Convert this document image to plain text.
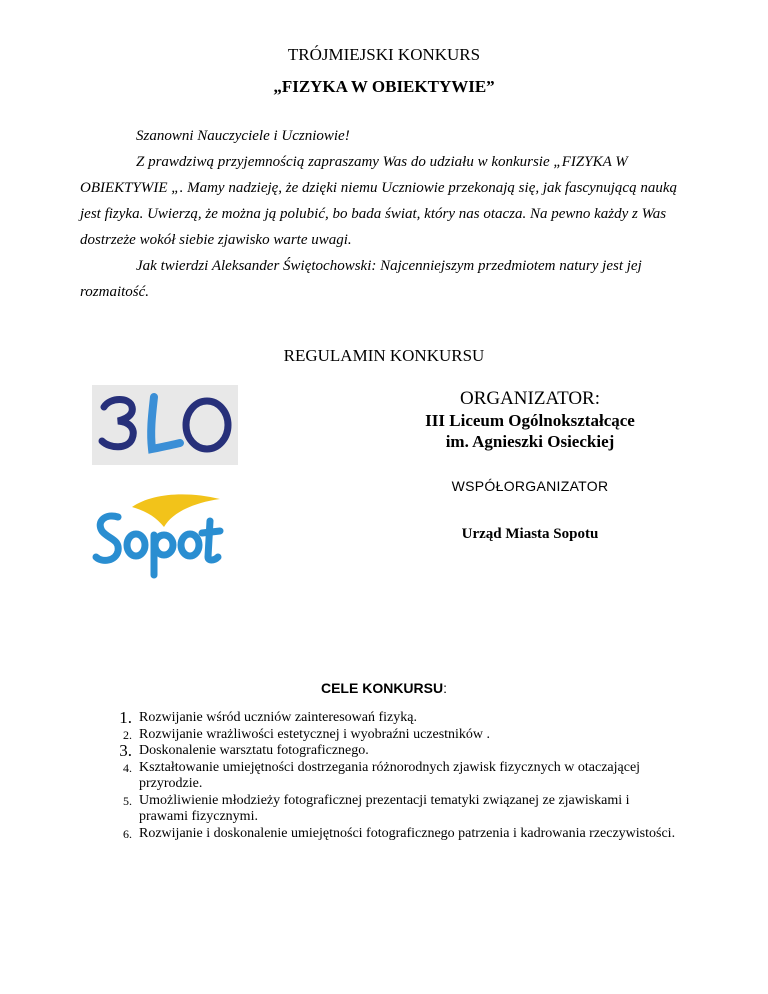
TRÓJMIEJSKI KONKURS
„FIZYKA W OBIEKTYWIE”
Szanowni Nauczyciele i Uczniowie!
Z prawdziwą przyjemnością zapraszamy Was do udziału w konkursie „FIZYKA W OBIEKTYWIE „. Mamy nadzieję, że dzięki niemu Uczniowie przekonają się, jak fascynującą nauką jest fizyka. Uwierzą, że można ją polubić, bo bada świat, który nas otacza. Na pewno każdy z Was dostrzeże wokół siebie zjawisko warte uwagi.
Jak twierdzi Aleksander Świętochowski: Najcenniejszym przedmiotem natury jest jej rozmaitość.
REGULAMIN KONKURSU
ORGANIZATOR:
III Liceum Ogólnokształcące
im. Agnieszki Osieckiej
WSPÓŁORGANIZATOR
Urząd Miasta Sopotu
CELE KONKURSU:
1. Rozwijanie wśród uczniów zainteresowań fizyką.
2. Rozwijanie wrażliwości estetycznej i wyobraźni uczestników .
3. Doskonalenie warsztatu fotograficznego.
4. Kształtowanie umiejętności dostrzegania różnorodnych zjawisk fizycznych w otaczającej przyrodzie.
5. Umożliwienie młodzieży fotograficznej prezentacji tematyki związanej ze zjawiskami i prawami fizycznymi.
6. Rozwijanie i doskonalenie umiejętności fotograficznego patrzenia i kadrowania rzeczywistości.
